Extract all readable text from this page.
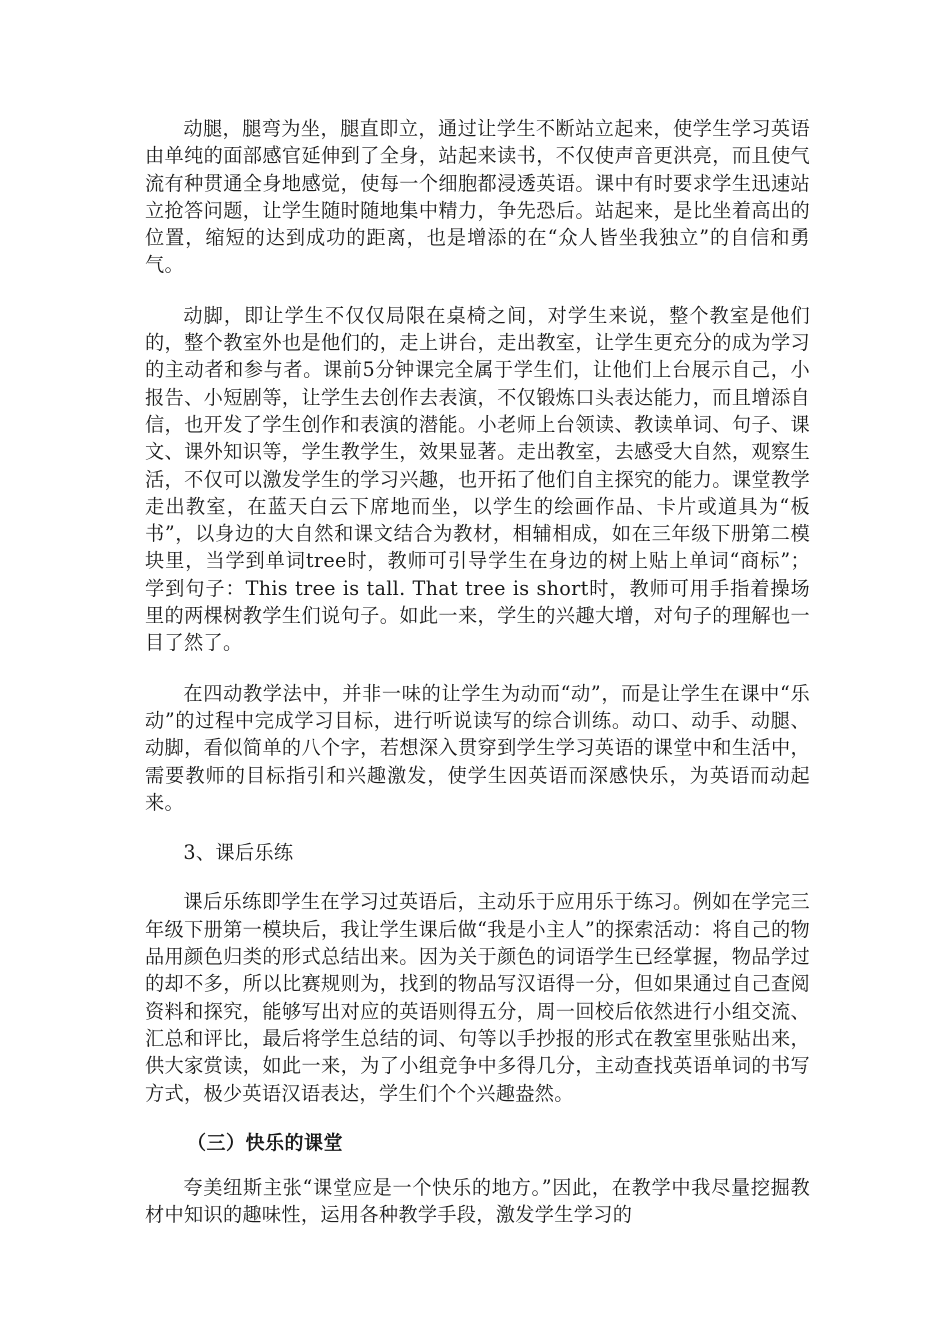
动腿，腿弯为坐，腿直即立，通过让学生不断站立起来，使学生学习英语由单纯的面部感官延伸到了全身，站起来读书，不仅使声音更洪亮，而且使气流有种贯通全身地感觉，使每一个细胞都浸透英语。课中有时要求学生迅速站立抢答问题，让学生随时随地集中精力，争先恐后。站起来，是比坐着高出的位置，缩短的达到成功的距离，也是增添的在“众人皆坐我独立”的自信和勇气。

动脚，即让学生不仅仅局限在桌椅之间，对学生来说，整个教室是他们的，整个教室外也是他们的，走上讲台，走出教室，让学生更充分的成为学习的主动者和参与者。课前5分钟课完全属于学生们，让他们上台展示自己，小报告、小短剧等，让学生去创作去表演，不仅锻炼口头表达能力，而且增添自信，也开发了学生创作和表演的潜能。小老师上台领读、教读单词、句子、课文、课外知识等，学生教学生，效果显著。走出教室，去感受大自然，观察生活，不仅可以激发学生的学习兴趣，也开拓了他们自主探究的能力。课堂教学走出教室，在蓝天白云下席地而坐，以学生的绘画作品、卡片或道具为“板书”，以身边的大自然和课文结合为教材，相辅相成，如在三年级下册第二模块里，当学到单词tree时，教师可引导学生在身边的树上贴上单词“商标”；学到句子：This tree is tall. That tree is short时，教师可用手指着操场里的两棵树教学生们说句子。如此一来，学生的兴趣大增，对句子的理解也一目了然了。

在四动教学法中，并非一味的让学生为动而“动”，而是让学生在课中“乐动”的过程中完成学习目标，进行听说读写的综合训练。动口、动手、动腿、动脚，看似简单的八个字，若想深入贯穿到学生学习英语的课堂中和生活中，需要教师的目标指引和兴趣激发，使学生因英语而深感快乐，为英语而动起来。

3、课后乐练

课后乐练即学生在学习过英语后，主动乐于应用乐于练习。例如在学完三年级下册第一模块后，我让学生课后做“我是小主人”的探索活动：将自己的物品用颜色归类的形式总结出来。因为关于颜色的词语学生已经掌握，物品学过的却不多，所以比赛规则为，找到的物品写汉语得一分，但如果通过自己查阅资料和探究，能够写出对应的英语则得五分，周一回校后依然进行小组交流、汇总和评比，最后将学生总结的词、句等以手抄报的形式在教室里张贴出来，供大家赏读，如此一来，为了小组竞争中多得几分，主动查找英语单词的书写方式，极少英语汉语表达，学生们个个兴趣盎然。

（三）快乐的课堂

夸美纽斯主张“课堂应是一个快乐的地方。”因此，在教学中我尽量挖掘教材中知识的趣味性，运用各种教学手段，激发学生学习的
